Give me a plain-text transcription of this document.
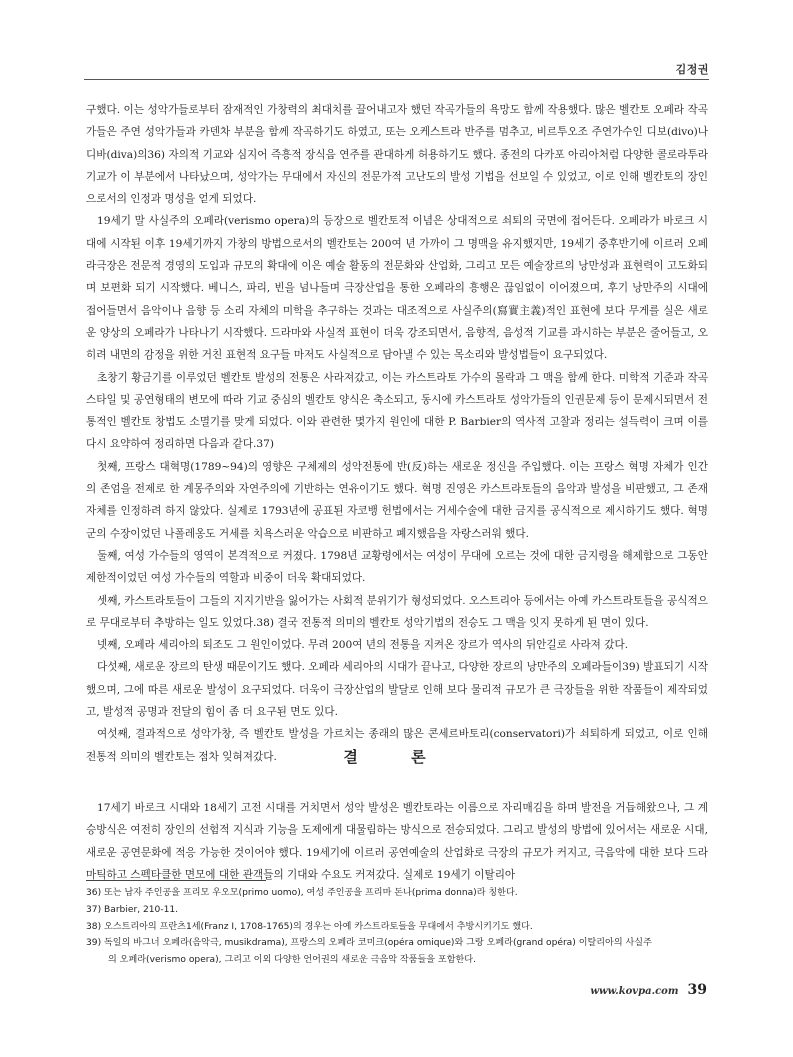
김정권

구했다. 이는 성악가들로부터 잠재적인 가창력의 최대치를 끌어내고자 했던 작곡가들의 욕망도 함께 작용했다. 많은 벨칸토 오페라 작곡가들은 주연 성악가들과 카덴차 부분을 함께 작곡하기도 하였고, 또는 오케스트라 반주를 멈추고, 비르투오조 주연가수인 디보(divo)나 디바(diva)의36) 자의적 기교와 심지어 즉흥적 장식음 연주를 관대하게 허용하기도 했다. 종전의 다카포 아리아처럼 다양한 콜로라투라 기교가 이 부분에서 나타났으며, 성악가는 무대에서 자신의 전문가적 고난도의 발성 기법을 선보일 수 있었고, 이로 인해 벨칸토의 장인으로서의 인정과 명성을 얻게 되었다.

19세기 말 사실주의 오페라(verismo opera)의 등장으로 벨칸토적 이념은 상대적으로 쇠퇴의 국면에 접어든다. 오페라가 바로크 시대에 시작된 이후 19세기까지 가창의 방법으로서의 벨칸토는 200여 년 가까이 그 명맥을 유지했지만, 19세기 중후반기에 이르러 오페라극장은 전문적 경영의 도입과 규모의 확대에 이은 예술 활동의 전문화와 산업화, 그리고 모든 예술장르의 낭만성과 표현력이 고도화되며 보편화 되기 시작했다. 베니스, 파리, 빈을 넘나들며 극장산업을 통한 오페라의 흥행은 끊임없이 이어졌으며, 후기 낭만주의 시대에 접어들면서 음악이나 음향 등 소리 자체의 미학을 추구하는 것과는 대조적으로 사실주의(寫實主義)적인 표현에 보다 무게를 실은 새로운 양상의 오페라가 나타나기 시작했다. 드라마와 사실적 표현이 더욱 강조되면서, 음향적, 음성적 기교를 과시하는 부분은 줄어들고, 오히려 내면의 감정을 위한 거친 표현적 요구들 마저도 사실적으로 담아낼 수 있는 목소리와 발성법들이 요구되었다.

초창기 황금기를 이루었던 벨칸토 발성의 전통은 사라져갔고, 이는 카스트라토 가수의 몰락과 그 맥을 함께 한다. 미학적 기준과 작곡 스타일 및 공연형태의 변모에 따라 기교 중심의 벨칸토 양식은 축소되고, 동시에 카스트라토 성악가들의 인권문제 등이 문제시되면서 전통적인 벨칸토 창법도 소멸기를 맞게 되었다. 이와 관련한 몇가지 원인에 대한 P. Barbier의 역사적 고찰과 정리는 설득력이 크며 이를 다시 요약하여 정리하면 다음과 같다.37)

첫째, 프랑스 대혁명(1789~94)의 영향은 구체제의 성악전통에 반(反)하는 새로운 정신을 주입했다. 이는 프랑스 혁명 자체가 인간의 존엄을 전제로 한 계몽주의와 자연주의에 기반하는 연유이기도 했다. 혁명 진영은 카스트라토들의 음악과 발성을 비판했고, 그 존재 자체를 인정하려 하지 않았다. 실제로 1793년에 공표된 자코뱅 헌법에서는 거세수술에 대한 금지를 공식적으로 제시하기도 했다. 혁명군의 수장이었던 나폴레옹도 거세를 치욕스러운 악습으로 비판하고 폐지했음을 자랑스러워 했다.

둘째, 여성 가수들의 영역이 본격적으로 커졌다. 1798년 교황령에서는 여성이 무대에 오르는 것에 대한 금지령을 해제함으로 그동안 제한적이었던 여성 가수들의 역할과 비중이 더욱 확대되었다.

셋째, 카스트라토들이 그들의 지지기반을 잃어가는 사회적 분위기가 형성되었다. 오스트리아 등에서는 아예 카스트라토들을 공식적으로 무대로부터 추방하는 일도 있었다.38) 결국 전통적 의미의 벨칸토 성악기법의 전승도 그 맥을 잇지 못하게 된 면이 있다.

넷째, 오페라 세리아의 퇴조도 그 원인이었다. 무려 200여 년의 전통을 지켜온 장르가 역사의 뒤안길로 사라져 갔다.

다섯째, 새로운 장르의 탄생 때문이기도 했다. 오페라 세리아의 시대가 끝나고, 다양한 장르의 낭만주의 오페라들이39) 발표되기 시작했으며, 그에 따른 새로운 발성이 요구되었다. 더욱이 극장산업의 발달로 인해 보다 물리적 규모가 큰 극장들을 위한 작품들이 제작되었고, 발성적 공명과 전달의 힘이 좀 더 요구된 면도 있다.

여섯째, 결과적으로 성악가창, 즉 벨칸토 발성을 가르치는 종래의 많은 콘세르바토리(conservatori)가 쇠퇴하게 되었고, 이로 인해 전통적 의미의 벨칸토는 점차 잊혀져갔다.	결 론

17세기 바로크 시대와 18세기 고전 시대를 거치면서 성악 발성은 벨칸토라는 이름으로 자리매김을 하며 발전을 거듭해왔으나, 그 계승방식은 여전히 장인의 선험적 지식과 기능을 도제에게 대물림하는 방식으로 전승되었다. 그리고 발성의 방법에 있어서는 새로운 시대, 새로운 공연문화에 적응 가능한 것이어야 했다. 19세기에 이르러 공연예술의 산업화로 극장의 규모가 커지고, 극음악에 대한 보다 드라마틱하고 스펙타클한 면모에 대한 관객들의 기대와 수요도 커져갔다. 실제로 19세기 이탈리아

36) 또는 남자 주인공을 프리모 우오모(primo uomo), 여성 주인공을 프리마 돈나(prima donna)라 칭한다.

37) Barbier, 210-11.

38) 오스트리아의 프란츠1세(Franz I, 1708-1765)의 경우는 아예 카스트라토들을 무대에서 추방시키기도 했다.

39) 독일의 바그너 오페라(음악극, musikdrama), 프랑스의 오페라 코미크(opéra omique)와 그랑 오페라(grand opéra) 이탈리아의 사실주

의 오페라(verismo opera), 그리고 이외 다양한 언어권의 새로운 극음악 작품들을 포함한다.

www.kovpa.com 39
